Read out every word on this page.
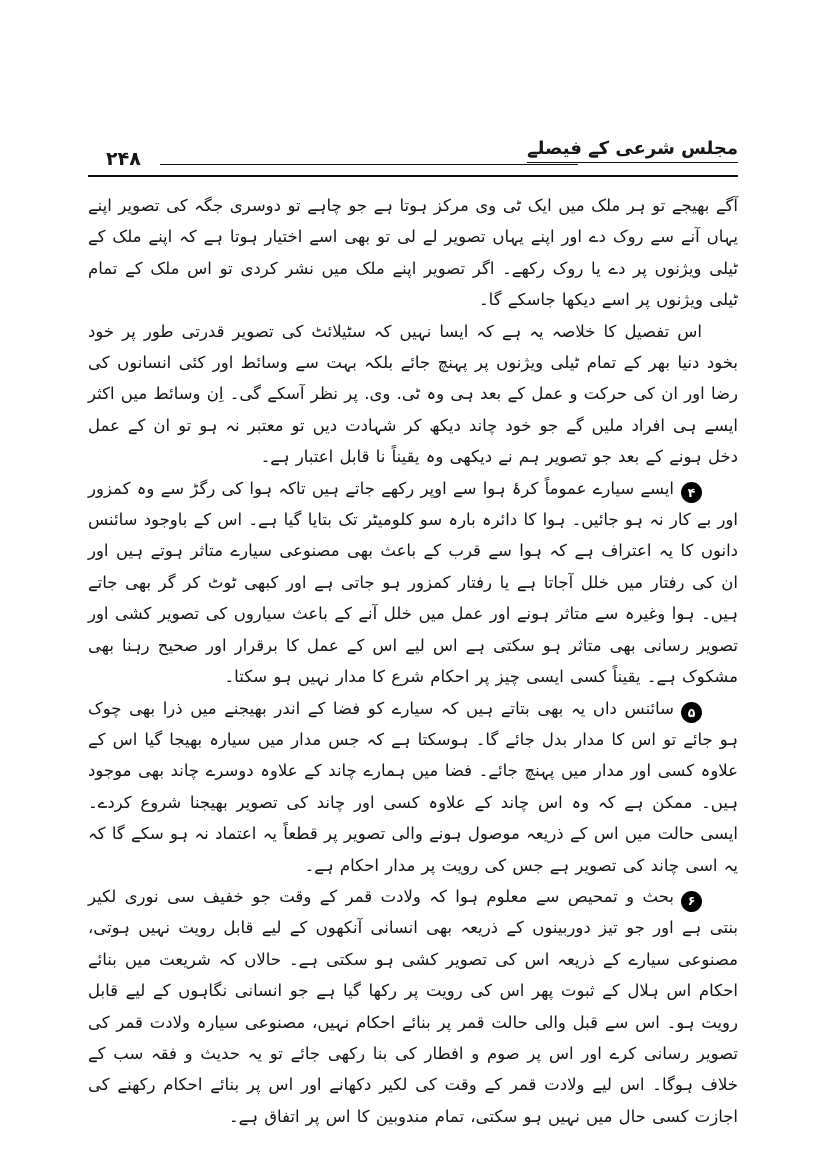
مجلس شرعی کے فیصلے
۲۴۸

آگے بھیجے تو ہر ملک میں ایک ٹی وی مرکز ہوتا ہے جو چاہے تو دوسری جگہ کی تصویر اپنے یہاں آنے سے روک دے اور اپنے یہاں تصویر لے لی تو بھی اسے اختیار ہوتا ہے کہ اپنے ملک کے ٹیلی ویژنوں پر دے یا روک رکھے۔ اگر تصویر اپنے ملک میں نشر کردی تو اس ملک کے تمام ٹیلی ویژنوں پر اسے دیکھا جاسکے گا۔

اس تفصیل کا خلاصہ یہ ہے کہ ایسا نہیں کہ سٹیلائٹ کی تصویر قدرتی طور پر خود بخود دنیا بھر کے تمام ٹیلی ویژنوں پر پہنچ جائے بلکہ بہت سے وسائط اور کئی انسانوں کی رضا اور ان کی حرکت و عمل کے بعد ہی وہ ٹی. وی. پر نظر آسکے گی۔ اِن وسائط میں اکثر ایسے ہی افراد ملیں گے جو خود چاند دیکھ کر شہادت دیں تو معتبر نہ ہو تو ان کے عمل دخل ہونے کے بعد جو تصویر ہم نے دیکھی وہ یقیناً نا قابل اعتبار ہے۔

۴ایسے سیارے عموماً کرۂ ہوا سے اوپر رکھے جاتے ہیں تاکہ ہوا کی رگڑ سے وہ کمزور اور بے کار نہ ہو جائیں۔ ہوا کا دائرہ بارہ سو کلومیٹر تک بتایا گیا ہے۔ اس کے باوجود سائنس دانوں کا یہ اعتراف ہے کہ ہوا سے قرب کے باعث بھی مصنوعی سیارے متاثر ہوتے ہیں اور ان کی رفتار میں خلل آجاتا ہے یا رفتار کمزور ہو جاتی ہے اور کبھی ٹوٹ کر گر بھی جاتے ہیں۔ ہوا وغیرہ سے متاثر ہونے اور عمل میں خلل آنے کے باعث سیاروں کی تصویر کشی اور تصویر رسانی بھی متاثر ہو سکتی ہے اس لیے اس کے عمل کا برقرار اور صحیح رہنا بھی مشکوک ہے۔ یقیناً کسی ایسی چیز پر احکام شرع کا مدار نہیں ہو سکتا۔

۵سائنس داں یہ بھی بتاتے ہیں کہ سیارے کو فضا کے اندر بھیجنے میں ذرا بھی چوک ہو جائے تو اس کا مدار بدل جائے گا۔ ہوسکتا ہے کہ جس مدار میں سیارہ بھیجا گیا اس کے علاوہ کسی اور مدار میں پہنچ جائے۔ فضا میں ہمارے چاند کے علاوہ دوسرے چاند بھی موجود ہیں۔ ممکن ہے کہ وہ اس چاند کے علاوہ کسی اور چاند کی تصویر بھیجنا شروع کردے۔ ایسی حالت میں اس کے ذریعہ موصول ہونے والی تصویر پر قطعاً یہ اعتماد نہ ہو سکے گا کہ یہ اسی چاند کی تصویر ہے جس کی رویت پر مدار احکام ہے۔

۶بحث و تمحیص سے معلوم ہوا کہ ولادت قمر کے وقت جو خفیف سی نوری لکیر بنتی ہے اور جو تیز دوربینوں کے ذریعہ بھی انسانی آنکھوں کے لیے قابل رویت نہیں ہوتی، مصنوعی سیارے کے ذریعہ اس کی تصویر کشی ہو سکتی ہے۔ حالاں کہ شریعت میں بنائے احکام اس ہلال کے ثبوت پھر اس کی رویت پر رکھا گیا ہے جو انسانی نگاہوں کے لیے قابل رویت ہو۔ اس سے قبل والی حالت قمر پر بنائے احکام نہیں، مصنوعی سیارہ ولادت قمر کی تصویر رسانی کرے اور اس پر صوم و افطار کی بنا رکھی جائے تو یہ حدیث و فقہ سب کے خلاف ہوگا۔ اس لیے ولادت قمر کے وقت کی لکیر دکھانے اور اس پر بنائے احکام رکھنے کی اجازت کسی حال میں نہیں ہو سکتی، تمام مندوبین کا اس پر اتفاق ہے۔
